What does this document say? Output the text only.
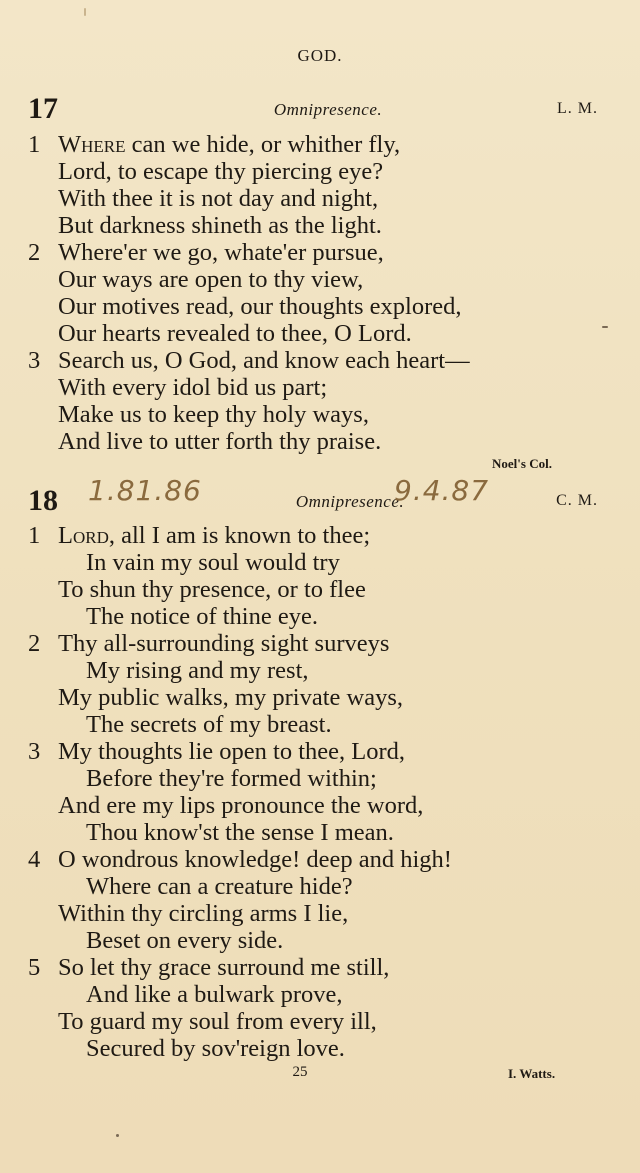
GOD.
17	Omnipresence.	L. M.
1 Where can we hide, or whither fly,
Lord, to escape thy piercing eye?
With thee it is not day and night,
But darkness shineth as the light.
2 Where'er we go, whate'er pursue,
Our ways are open to thy view,
Our motives read, our thoughts explored,
Our hearts revealed to thee, O Lord.
3 Search us, O God, and know each heart—
With every idol bid us part;
Make us to keep thy holy ways,
And live to utter forth thy praise.
Noel's Col.
18	Omnipresence.	C. M.
1.81.86	9.4.87
1 Lord, all I am is known to thee;
In vain my soul would try
To shun thy presence, or to flee
The notice of thine eye.
2 Thy all-surrounding sight surveys
My rising and my rest,
My public walks, my private ways,
The secrets of my breast.
3 My thoughts lie open to thee, Lord,
Before they're formed within;
And ere my lips pronounce the word,
Thou know'st the sense I mean.
4 O wondrous knowledge! deep and high!
Where can a creature hide?
Within thy circling arms I lie,
Beset on every side.
5 So let thy grace surround me still,
And like a bulwark prove,
To guard my soul from every ill,
Secured by sov'reign love.
25	I. Watts.
